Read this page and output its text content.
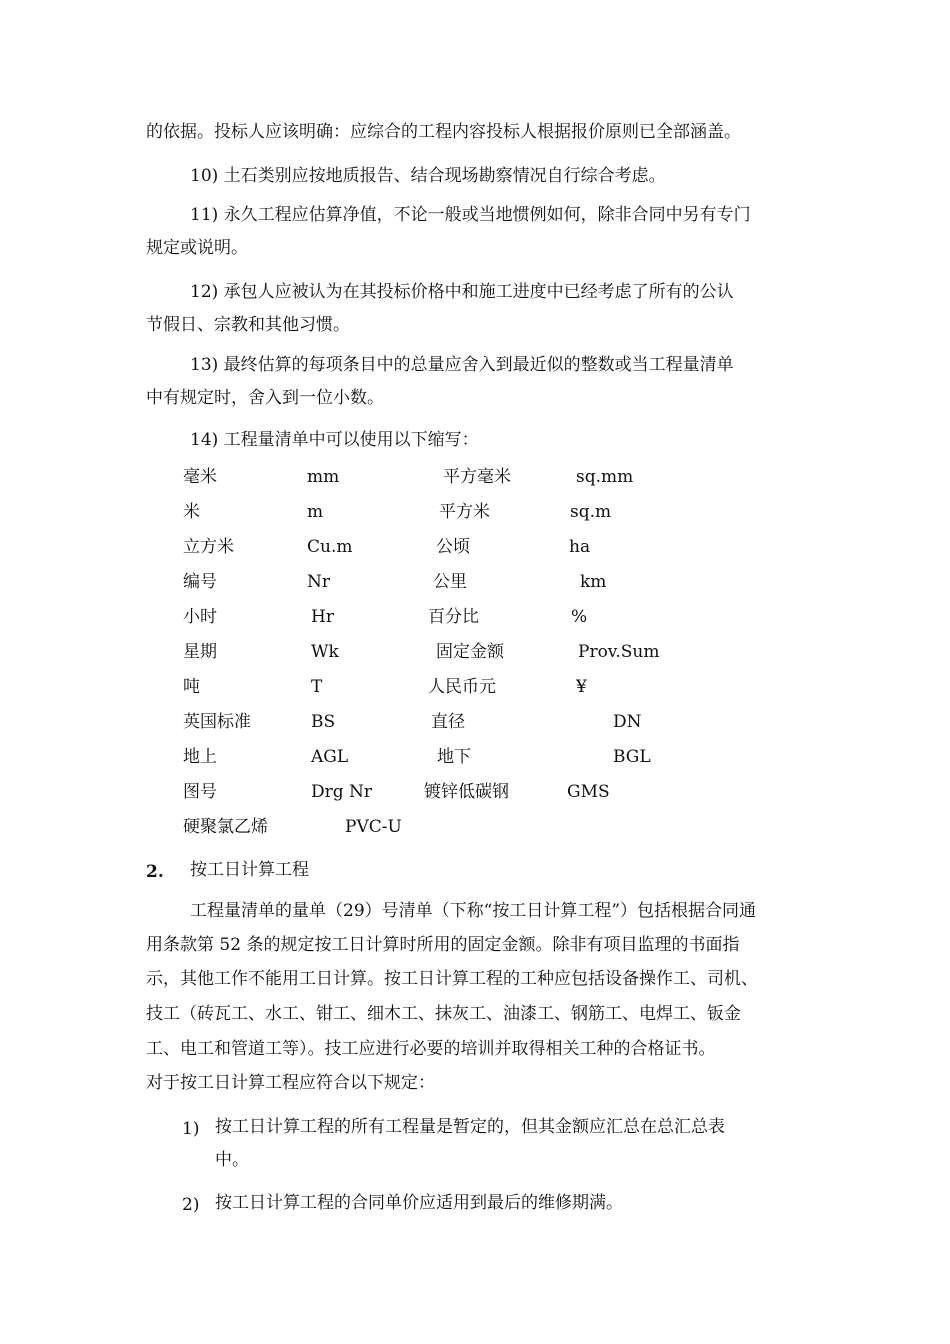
的依据。投标人应该明确：应综合的工程内容投标人根据报价原则已全部涵盖。
10) 土石类别应按地质报告、结合现场勘察情况自行综合考虑。
11) 永久工程应估算净值，不论一般或当地惯例如何，除非合同中另有专门
规定或说明。
12) 承包人应被认为在其投标价格中和施工进度中已经考虑了所有的公认
节假日、宗教和其他习惯。
13) 最终估算的每项条目中的总量应舍入到最近似的整数或当工程量清单
中有规定时，舍入到一位小数。
14) 工程量清单中可以使用以下缩写：
毫米	mm	平方毫米	sq.mm
米	m	平方米	sq.m
立方米	Cu.m	公顷	ha
编号	Nr	公里	km
小时	Hr	百分比	%
星期	Wk	固定金额	Prov.Sum
吨	T	人民币元	¥
英国标准	BS	直径	DN
地上	AGL	地下	BGL
图号	Drg Nr	镀锌低碳钢	GMS
硬聚氯乙烯	PVC-U
2. 按工日计算工程
工程量清单的量单（29）号清单（下称“按工日计算工程”）包括根据合同通
用条款第 52 条的规定按工日计算时所用的固定金额。除非有项目监理的书面指
示，其他工作不能用工日计算。按工日计算工程的工种应包括设备操作工、司机、
技工（砖瓦工、水工、钳工、细木工、抹灰工、油漆工、钢筋工、电焊工、钣金
工、电工和管道工等）。技工应进行必要的培训并取得相关工种的合格证书。
对于按工日计算工程应符合以下规定：
1) 按工日计算工程的所有工程量是暂定的，但其金额应汇总在总汇总表
中。
2) 按工日计算工程的合同单价应适用到最后的维修期满。
